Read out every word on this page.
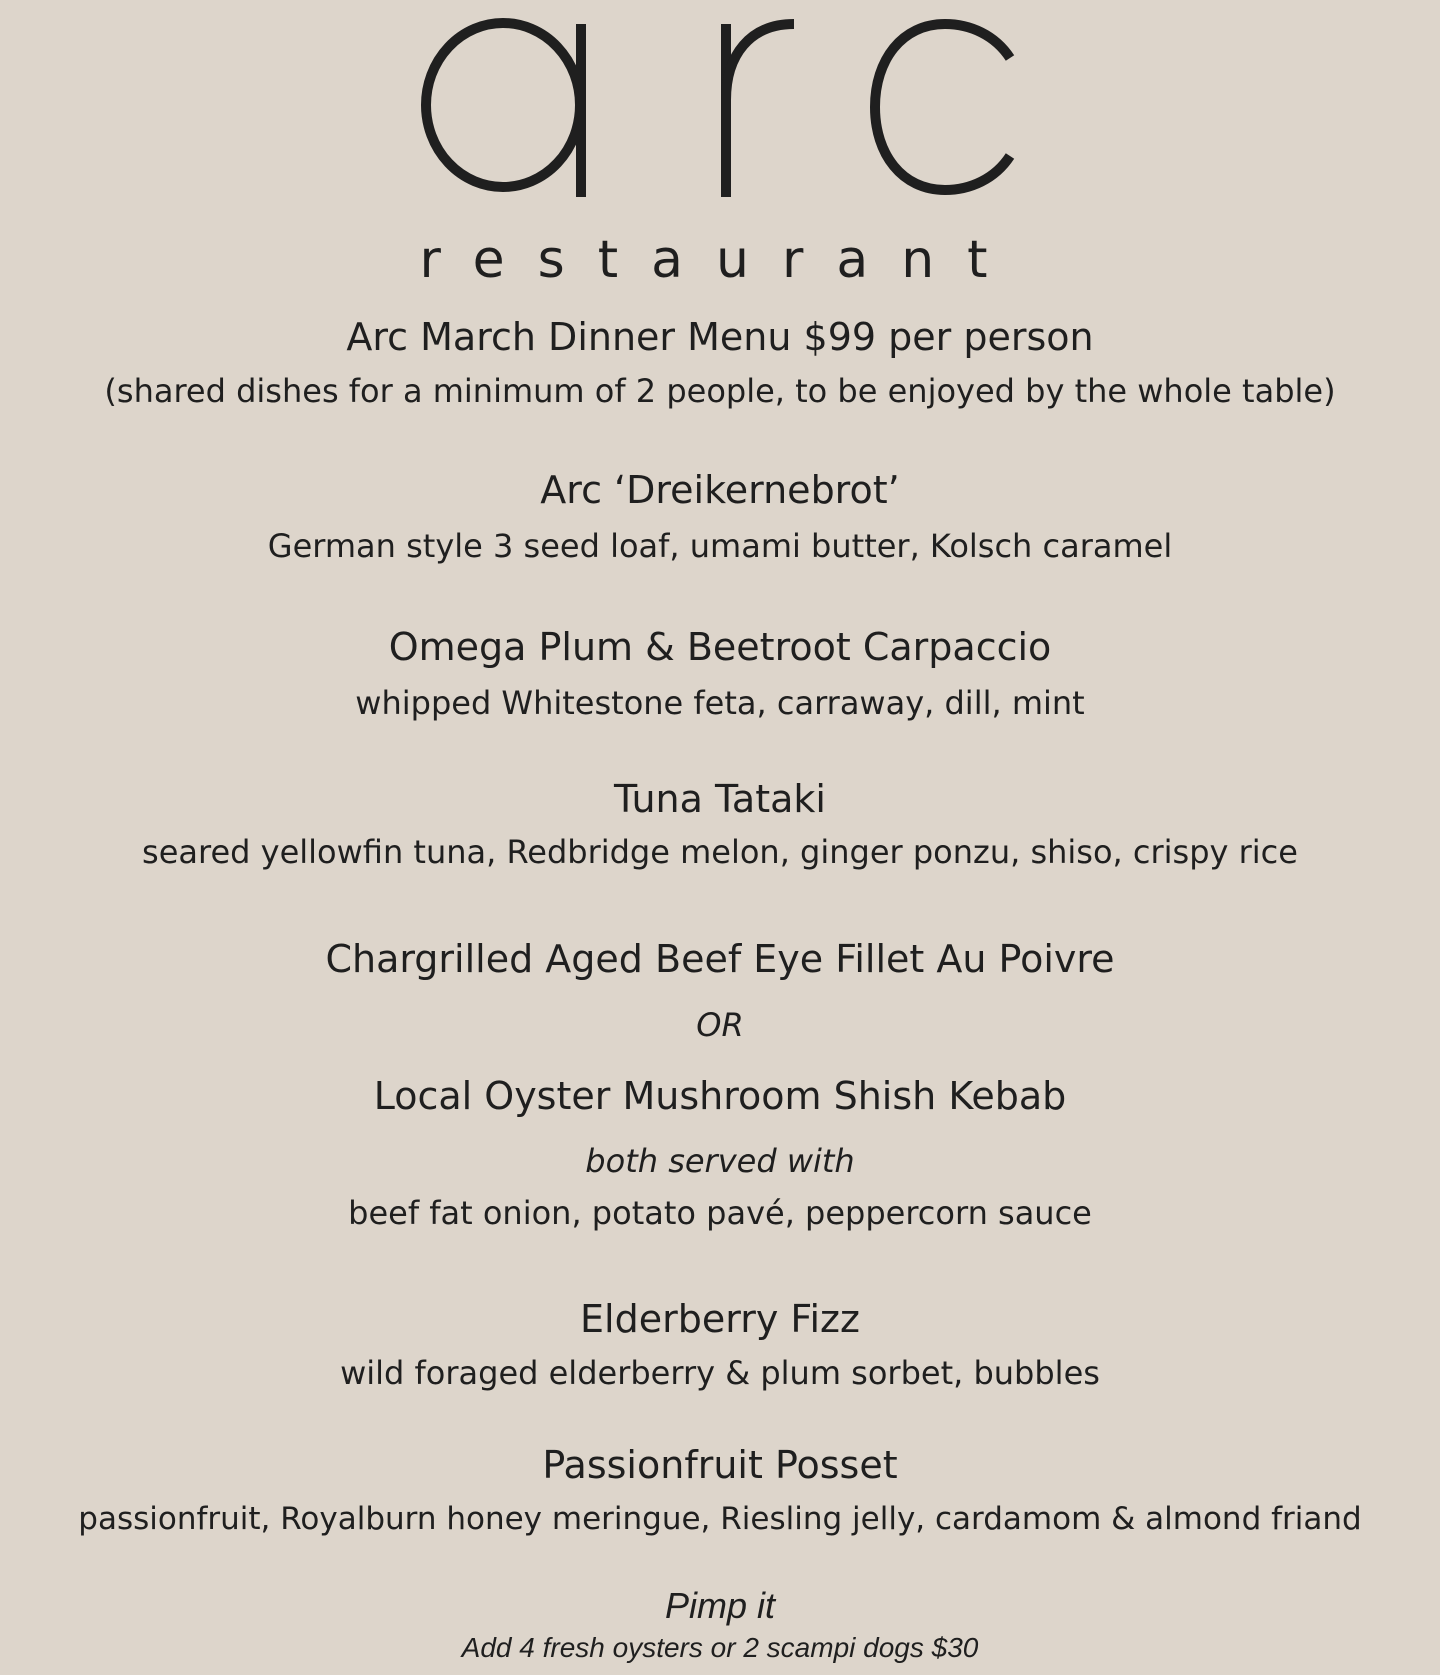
restaurant
Arc March Dinner Menu $99 per person
(shared dishes for a minimum of 2 people, to be enjoyed by the whole table)
Arc ‘Dreikernebrot’
German style 3 seed loaf, umami butter, Kolsch caramel
Omega Plum & Beetroot Carpaccio
whipped Whitestone feta, carraway, dill, mint
Tuna Tataki
seared yellowfin tuna, Redbridge melon, ginger ponzu, shiso, crispy rice
Chargrilled Aged Beef Eye Fillet Au Poivre
OR
Local Oyster Mushroom Shish Kebab
both served with
beef fat onion, potato pavé, peppercorn sauce
Elderberry Fizz
wild foraged elderberry & plum sorbet, bubbles
Passionfruit Posset
passionfruit, Royalburn honey meringue, Riesling jelly, cardamom & almond friand
Pimp it
Add 4 fresh oysters or 2 scampi dogs $30
